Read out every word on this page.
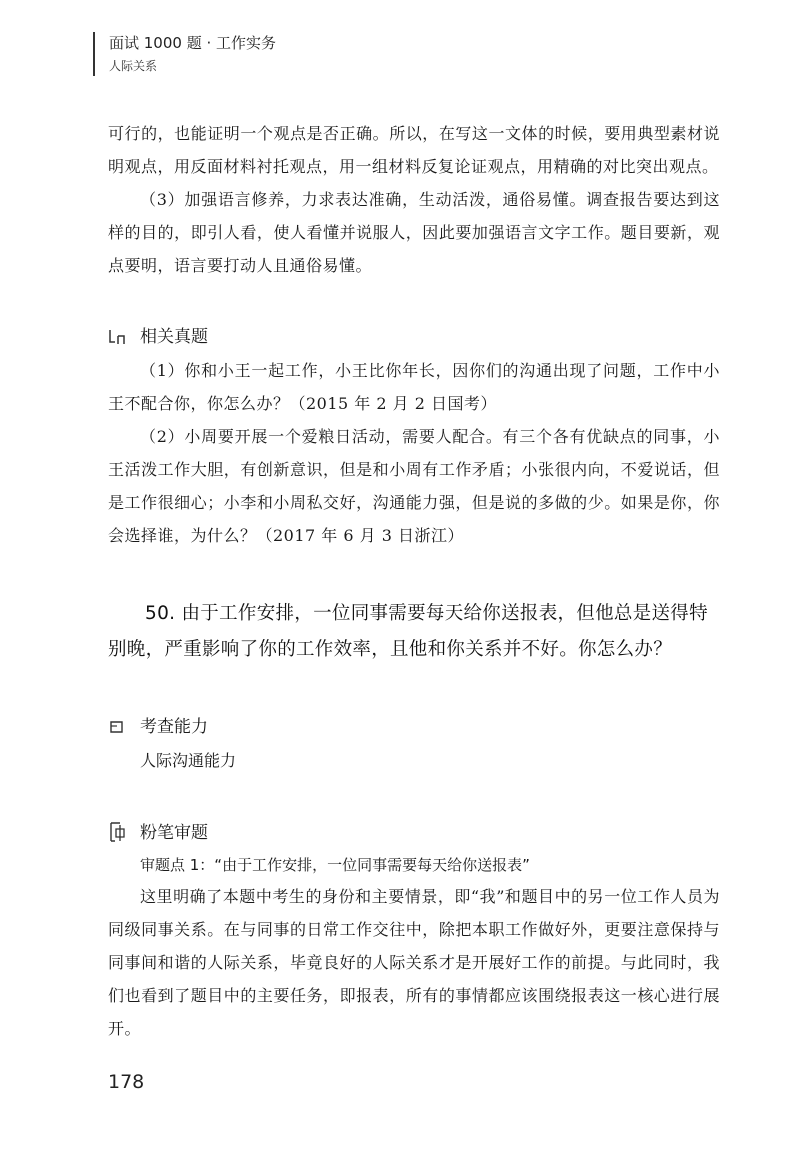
面试 1000 题 · 工作实务
人际关系

可行的，也能证明一个观点是否正确。所以，在写这一文体的时候，要用典型素材说明观点，用反面材料衬托观点，用一组材料反复论证观点，用精确的对比突出观点。

（3）加强语言修养，力求表达准确，生动活泼，通俗易懂。调查报告要达到这样的目的，即引人看，使人看懂并说服人，因此要加强语言文字工作。题目要新，观点要明，语言要打动人且通俗易懂。

相关真题

（1）你和小王一起工作，小王比你年长，因你们的沟通出现了问题，工作中小王不配合你，你怎么办？（2015 年 2 月 2 日国考）

（2）小周要开展一个爱粮日活动，需要人配合。有三个各有优缺点的同事，小王活泼工作大胆，有创新意识，但是和小周有工作矛盾；小张很内向，不爱说话，但是工作很细心；小李和小周私交好，沟通能力强，但是说的多做的少。如果是你，你会选择谁，为什么？（2017 年 6 月 3 日浙江）

50. 由于工作安排，一位同事需要每天给你送报表，但他总是送得特别晚，严重影响了你的工作效率，且他和你关系并不好。你怎么办？

考查能力
人际沟通能力
粉笔审题
审题点 1：“由于工作安排，一位同事需要每天给你送报表”

这里明确了本题中考生的身份和主要情景，即“我”和题目中的另一位工作人员为同级同事关系。在与同事的日常工作交往中，除把本职工作做好外，更要注意保持与同事间和谐的人际关系，毕竟良好的人际关系才是开展好工作的前提。与此同时，我们也看到了题目中的主要任务，即报表，所有的事情都应该围绕报表这一核心进行展开。

178
